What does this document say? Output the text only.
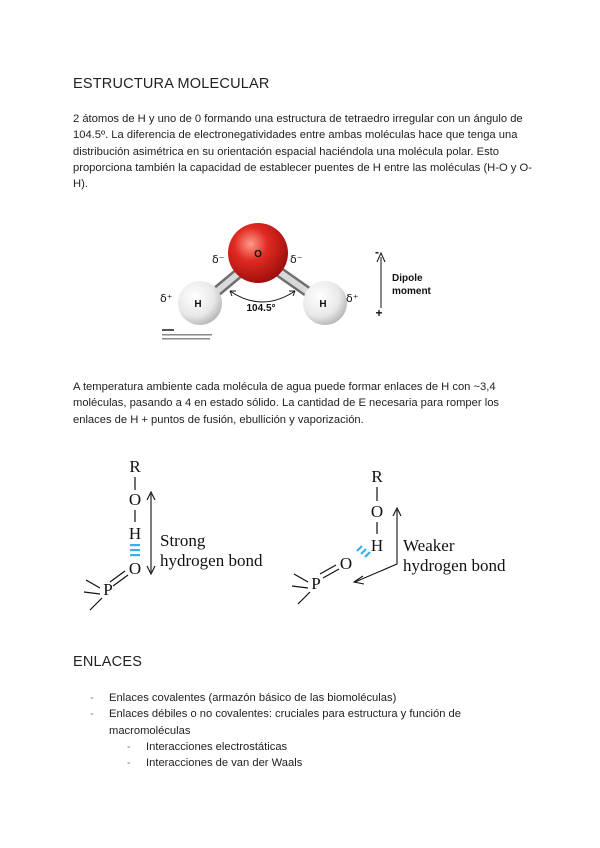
ESTRUCTURA MOLECULAR

2 átomos de H y uno de 0 formando una estructura de tetraedro irregular con un ángulo de 104.5º. La diferencia de electronegatividades entre ambas moléculas hace que tenga una distribución asimétrica en su orientación espacial haciéndola una molécula polar. Esto proporciona también la capacidad de establecer puentes de H entre las moléculas (H-O y O-H).

O
H	H
δ⁻	δ⁻
δ⁺	δ⁺
104.5°
-
+
Dipole
moment

A temperatura ambiente cada molécula de agua puede formar enlaces de H con ~3,4 moléculas, pasando a 4 en estado sólido. La cantidad de E necesaria para romper los enlaces de H + puntos de fusión, ebullición y vaporización.

R
O
H
O
P
Strong
hydrogen bond
R
O
H
O
P
Weaker
hydrogen bond
ENLACES
- Enlaces covalentes (armazón básico de las biomoléculas)
- Enlaces débiles o no covalentes: cruciales para estructura y función de macromoléculas
- Interacciones electrostáticas
- Interacciones de van der Waals
